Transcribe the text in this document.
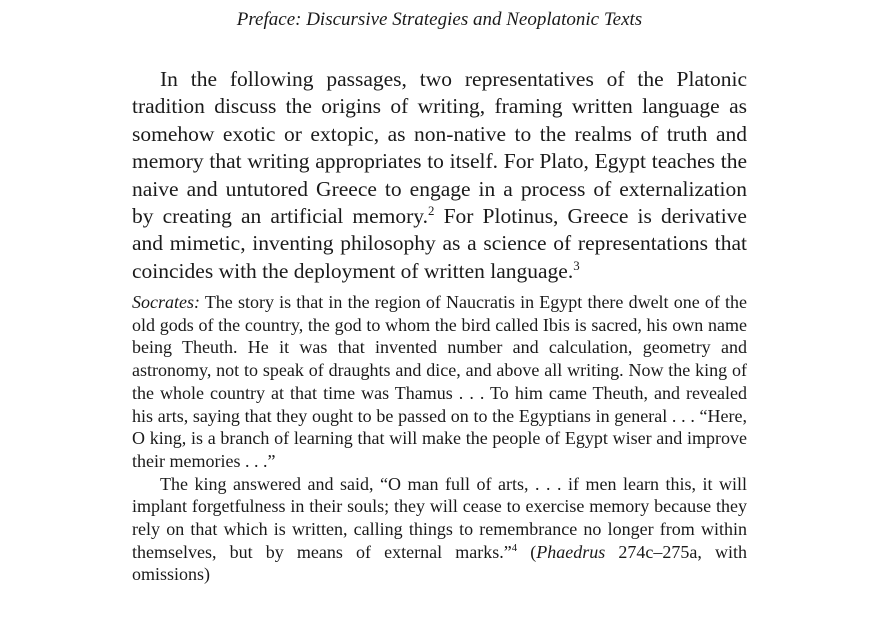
Preface: Discursive Strategies and Neoplatonic Texts

In the following passages, two representatives of the Platonic tradition discuss the origins of writing, framing written language as somehow exotic or extopic, as non-native to the realms of truth and memory that writing appropriates to itself. For Plato, Egypt teaches the naive and untutored Greece to engage in a process of externalization by creating an artificial memory.$^2$ For Plotinus, Greece is derivative and mimetic, inventing philosophy as a science of representations that coincides with the deployment of written language.$^3$

Socrates: The story is that in the region of Naucratis in Egypt there dwelt one of the old gods of the country, the god to whom the bird called Ibis is sacred, his own name being Theuth. He it was that invented number and calculation, geometry and astronomy, not to speak of draughts and dice, and above all writing. Now the king of the whole country at that time was Thamus . . . To him came Theuth, and revealed his arts, saying that they ought to be passed on to the Egyptians in general . . . “Here, O king, is a branch of learning that will make the people of Egypt wiser and improve their memories . . .”

The king answered and said, “O man full of arts, . . . if men learn this, it will implant forgetfulness in their souls; they will cease to exercise memory because they rely on that which is written, calling things to remembrance no longer from within themselves, but by means of external marks.”$^4$ (Phaedrus 274c–275a, with omissions)
